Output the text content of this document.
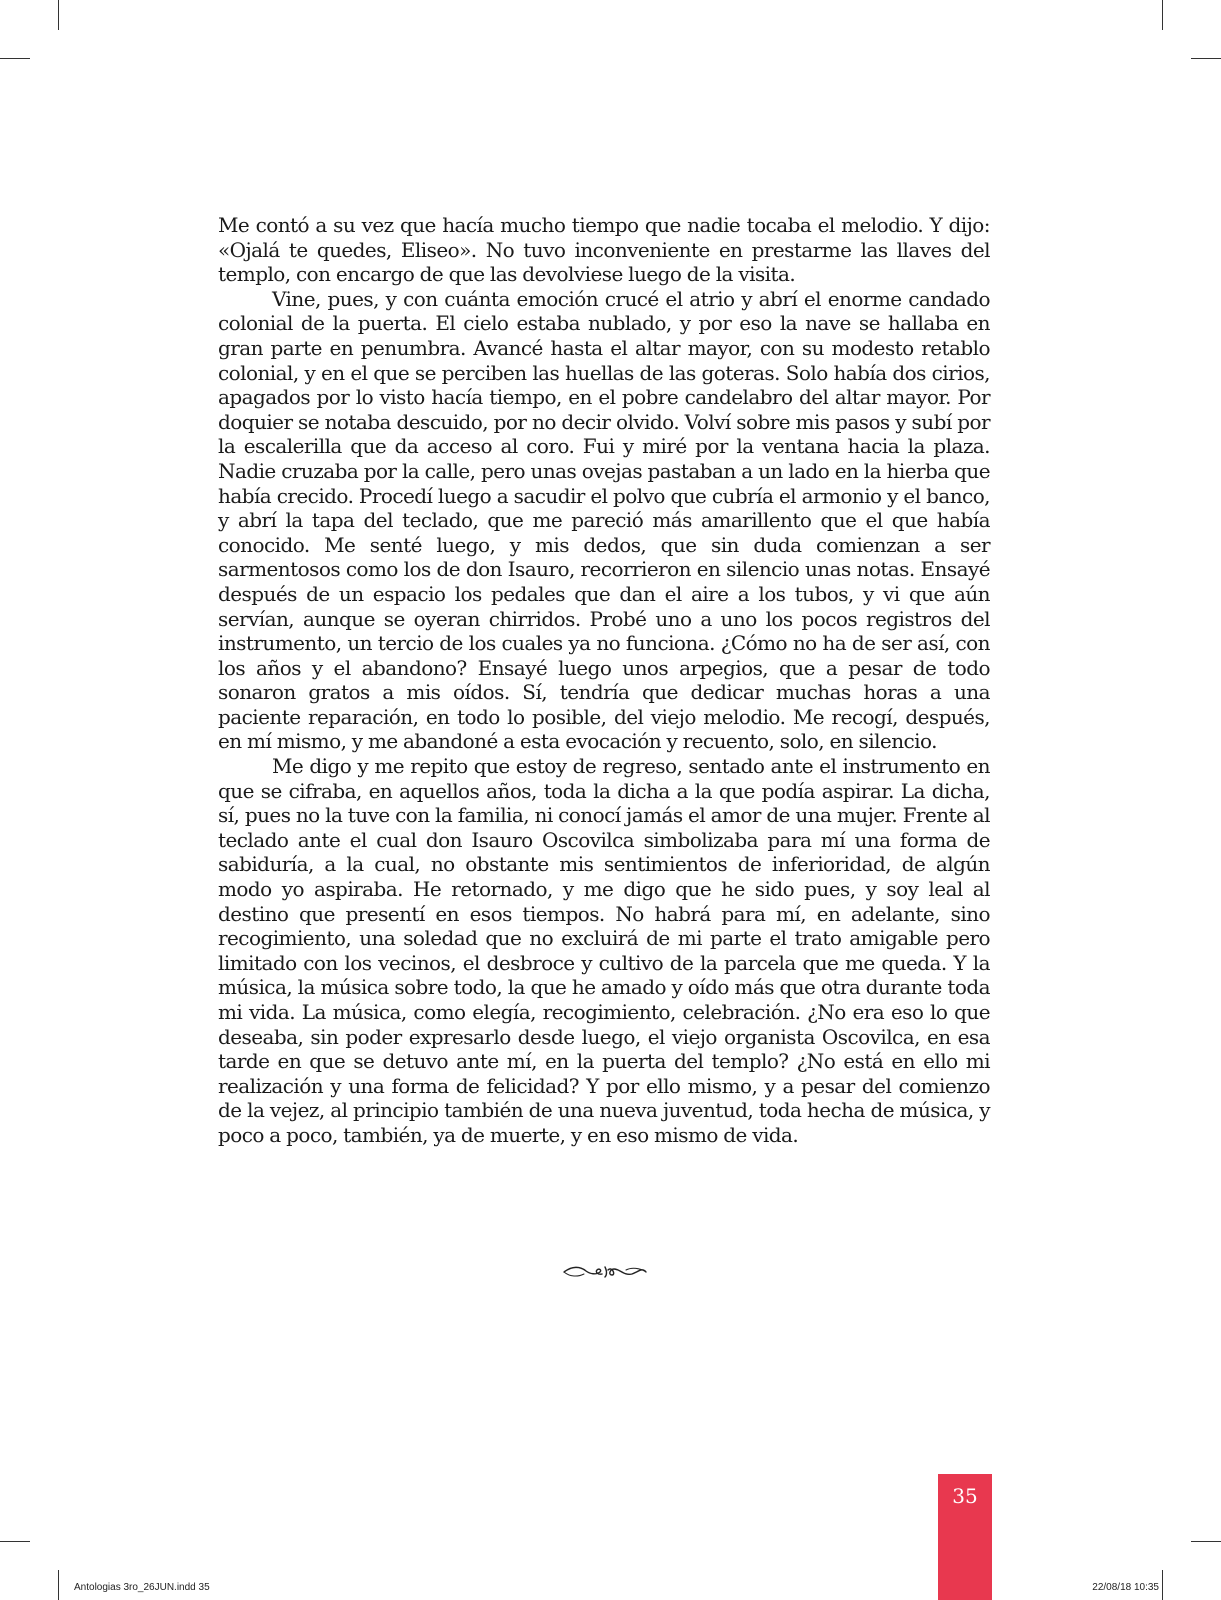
Me contó a su vez que hacía mucho tiempo que nadie tocaba el melodio. Y dijo: «Ojalá te quedes, Eliseo». No tuvo inconveniente en prestarme las llaves del templo, con encargo de que las devolviese luego de la visita.

Vine, pues, y con cuánta emoción crucé el atrio y abrí el enorme candado colonial de la puerta. El cielo estaba nublado, y por eso la nave se hallaba en gran parte en penumbra. Avancé hasta el altar mayor, con su modesto retablo colonial, y en el que se perciben las huellas de las goteras. Solo había dos cirios, apagados por lo visto hacía tiempo, en el pobre candelabro del altar mayor. Por doquier se notaba descuido, por no decir olvido. Volví sobre mis pasos y subí por la escalerilla que da acceso al coro. Fui y miré por la ventana hacia la plaza. Nadie cruzaba por la calle, pero unas ovejas pastaban a un lado en la hierba que había crecido. Procedí luego a sacudir el polvo que cubría el armonio y el banco, y abrí la tapa del teclado, que me pareció más amarillento que el que había conocido. Me senté luego, y mis dedos, que sin duda comienzan a ser sarmentosos como los de don Isauro, recorrieron en silencio unas notas. Ensayé después de un espacio los pedales que dan el aire a los tubos, y vi que aún servían, aunque se oyeran chirridos. Probé uno a uno los pocos registros del instrumento, un tercio de los cuales ya no funciona. ¿Cómo no ha de ser así, con los años y el abandono? Ensayé luego unos arpegios, que a pesar de todo sonaron gratos a mis oídos. Sí, tendría que dedicar muchas horas a una paciente reparación, en todo lo posible, del viejo melodio. Me recogí, después, en mí mismo, y me abandoné a esta evocación y recuento, solo, en silencio.

Me digo y me repito que estoy de regreso, sentado ante el instrumento en que se cifraba, en aquellos años, toda la dicha a la que podía aspirar. La dicha, sí, pues no la tuve con la familia, ni conocí jamás el amor de una mujer. Frente al teclado ante el cual don Isauro Oscovilca simbolizaba para mí una forma de sabiduría, a la cual, no obstante mis sentimientos de inferioridad, de algún modo yo aspiraba. He retornado, y me digo que he sido pues, y soy leal al destino que presentí en esos tiempos. No habrá para mí, en adelante, sino recogimiento, una soledad que no excluirá de mi parte el trato amigable pero limitado con los vecinos, el desbroce y cultivo de la parcela que me queda. Y la música, la música sobre todo, la que he amado y oído más que otra durante toda mi vida. La música, como elegía, recogimiento, celebración. ¿No era eso lo que deseaba, sin poder expresarlo desde luego, el viejo organista Oscovilca, en esa tarde en que se detuvo ante mí, en la puerta del templo? ¿No está en ello mi realización y una forma de felicidad? Y por ello mismo, y a pesar del comienzo de la vejez, al principio también de una nueva juventud, toda hecha de música, y poco a poco, también, ya de muerte, y en eso mismo de vida.

35
Antologias 3ro_26JUN.indd 35	22/08/18 10:35
